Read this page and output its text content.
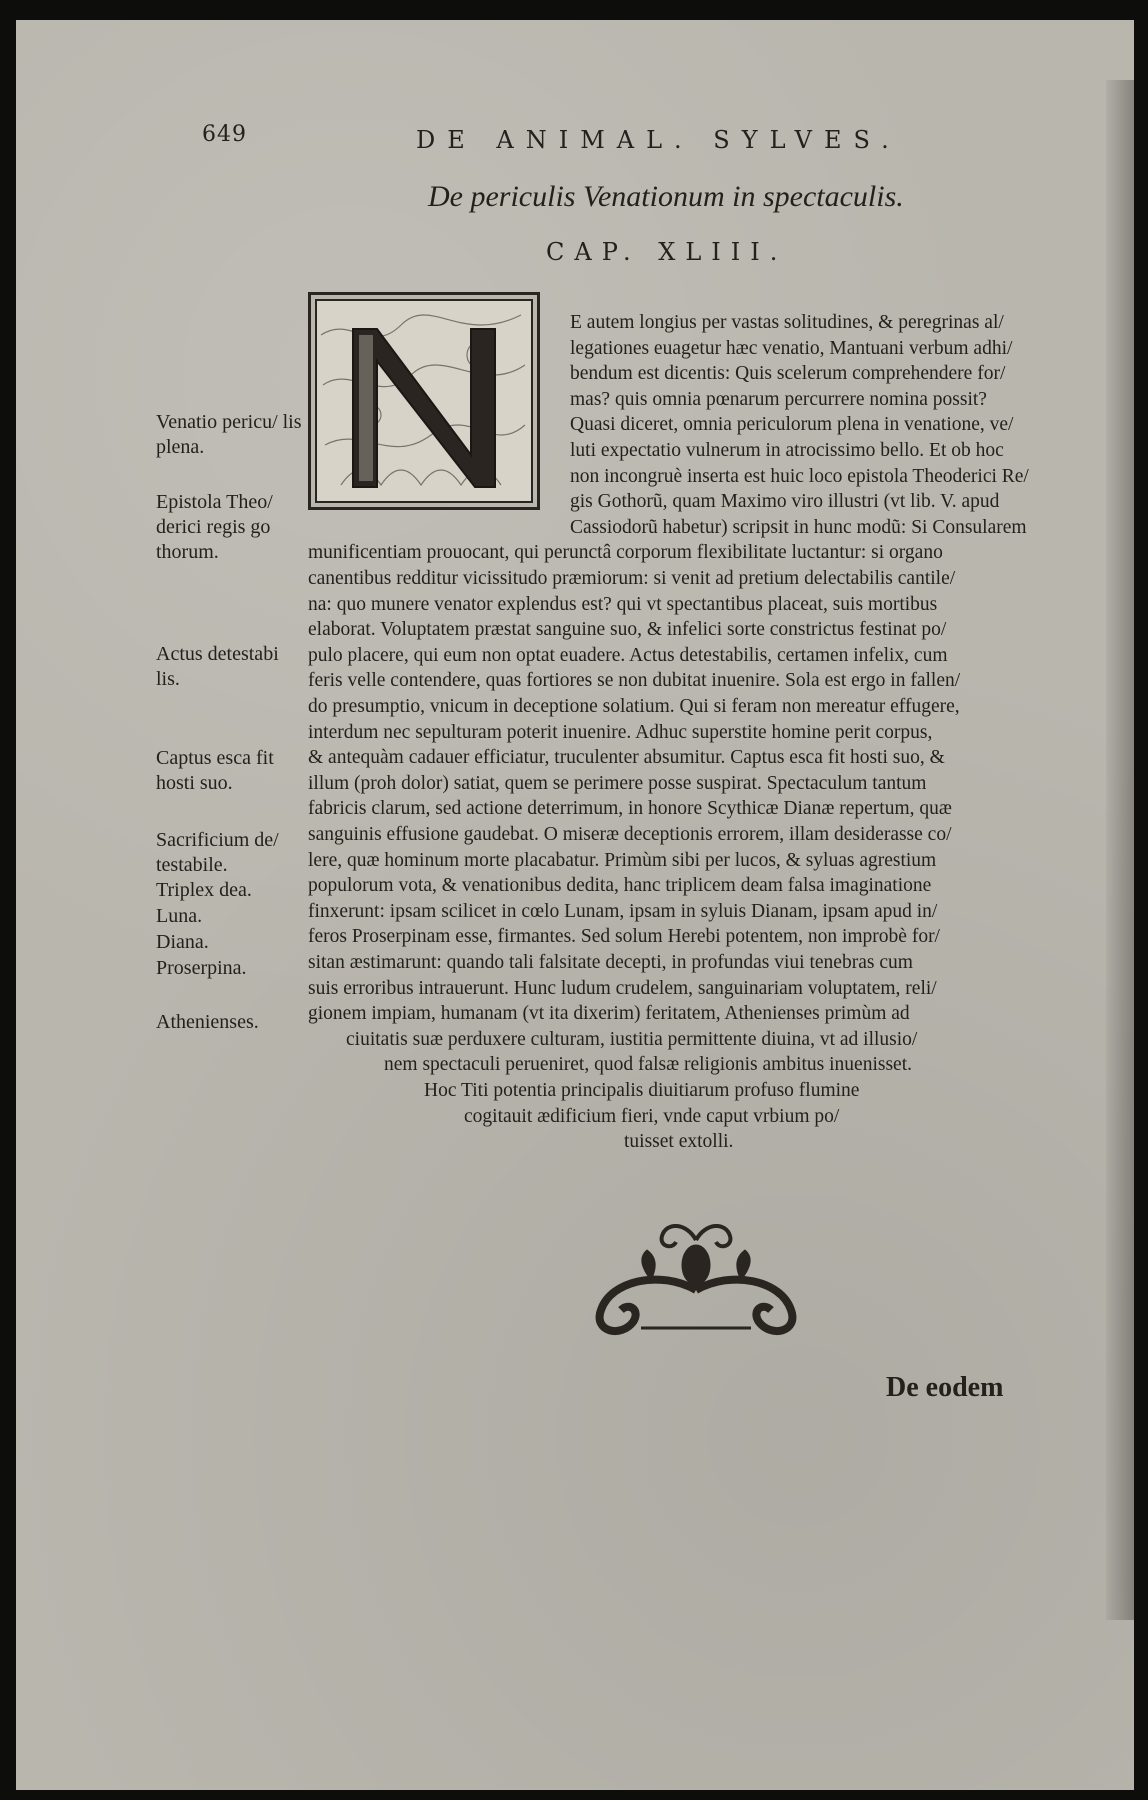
649	DE ANIMAL. SYLVES.
De periculis Venationum in spectaculis.
CAP. XLIII.
E autem longius per vastas solitudines, & peregrinas al/
legationes euagetur hæc venatio, Mantuani verbum adhi/
bendum est dicentis: Quis scelerum comprehendere for/
mas? quis omnia pœnarum percurrere nomina possit?
Quasi diceret, omnia periculorum plena in venatione, ve/
luti expectatio vulnerum in atrocissimo bello. Et ob hoc
non incongruè inserta est huic loco epistola Theoderici Re/
gis Gothorũ, quam Maximo viro illustri (vt lib. V. apud
Cassiodorũ habetur) scripsit in hunc modũ: Si Consularem
munificentiam prouocant, qui perunctâ corporum flexibilitate luctantur: si organo
canentibus redditur vicissitudo præmiorum: si venit ad pretium delectabilis cantile/
na: quo munere venator explendus est? qui vt spectantibus placeat, suis mortibus
elaborat. Voluptatem præstat sanguine suo, & infelici sorte constrictus festinat po/
pulo placere, qui eum non optat euadere. Actus detestabilis, certamen infelix, cum
feris velle contendere, quas fortiores se non dubitat inuenire. Sola est ergo in fallen/
do presumptio, vnicum in deceptione solatium. Qui si feram non mereatur effugere,
interdum nec sepulturam poterit inuenire. Adhuc superstite homine perit corpus,
& antequàm cadauer efficiatur, truculenter absumitur. Captus esca fit hosti suo, &
illum (proh dolor) satiat, quem se perimere posse suspirat. Spectaculum tantum
fabricis clarum, sed actione deterrimum, in honore Scythicæ Dianæ repertum, quæ
sanguinis effusione gaudebat. O miseræ deceptionis errorem, illam desiderasse co/
lere, quæ hominum morte placabatur. Primùm sibi per lucos, & syluas agrestium
populorum vota, & venationibus dedita, hanc triplicem deam falsa imaginatione
finxerunt: ipsam scilicet in cœlo Lunam, ipsam in syluis Dianam, ipsam apud in/
feros Proserpinam esse, firmantes. Sed solum Herebi potentem, non improbè for/
sitan æstimarunt: quando tali falsitate decepti, in profundas viui tenebras cum
suis erroribus intrauerunt. Hunc ludum crudelem, sanguinariam voluptatem, reli/
gionem impiam, humanam (vt ita dixerim) feritatem, Athenienses primùm ad
ciuitatis suæ perduxere culturam, iustitia permittente diuina, vt ad illusio/
nem spectaculi perueniret, quod falsæ religionis ambitus inuenisset.
Hoc Titi potentia principalis diuitiarum profuso flumine
cogitauit ædificium fieri, vnde caput vrbium po/
tuisset extolli.
Venatio pericu/ lis plena.
Epistola Theo/ derici regis go thorum.
Actus detestabi lis.
Captus esca fit hosti suo.
Sacrificium de/ testabile.
Triplex dea.
Luna.
Diana.
Proserpina.
Athenienses.
De eodem
